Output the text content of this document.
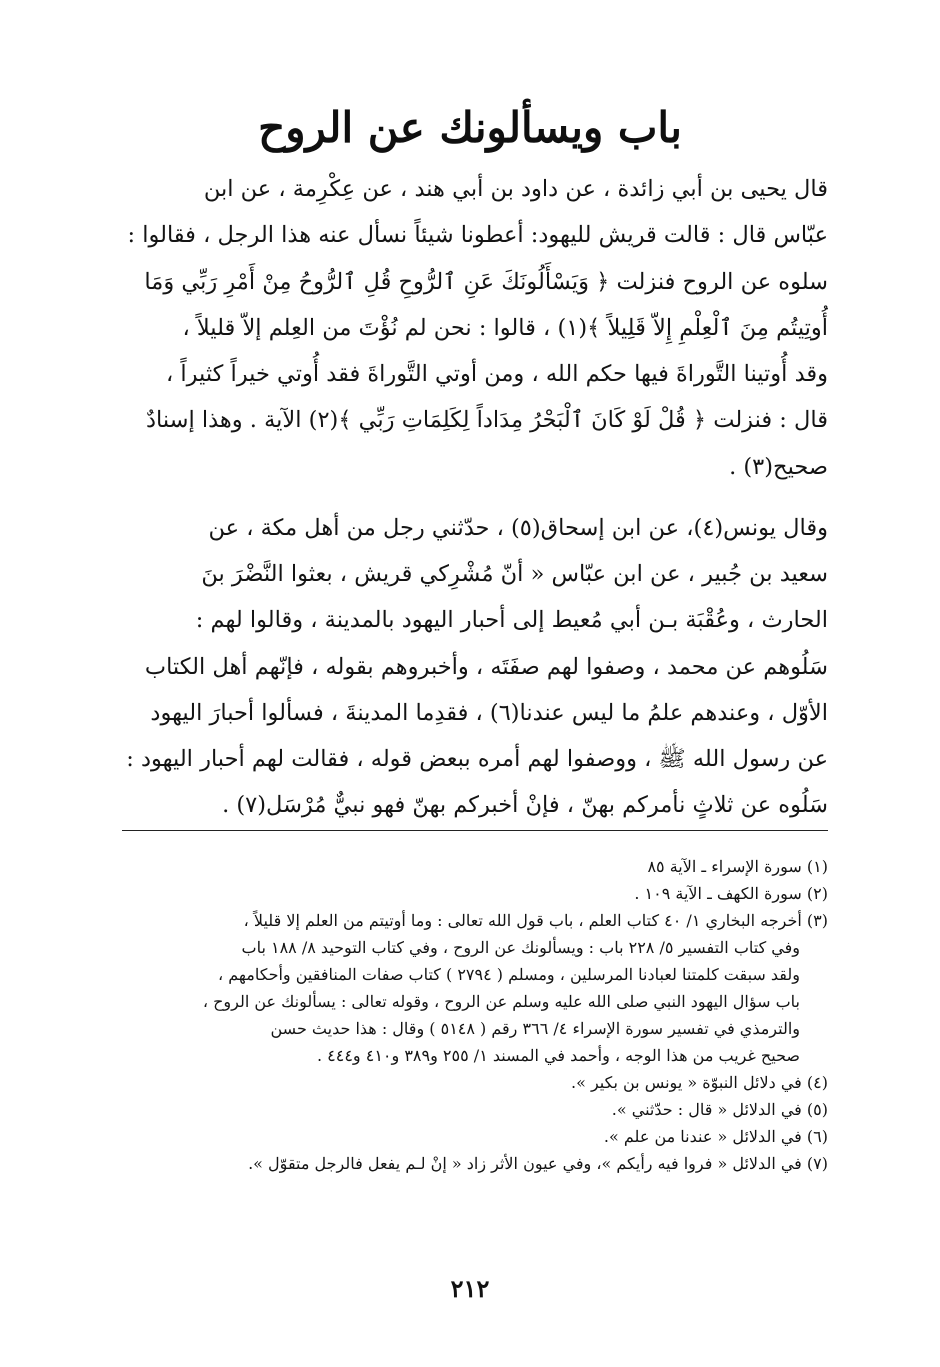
باب ويسألونك عن الروح

قال يحيى بن أبي زائدة ، عن داود بن أبي هند ، عن عِكْرِمة ، عن ابن
عبّاس قال : قالت قريش لليهود: أعطونا شيئاً نسأل عنه هذا الرجل ، فقالوا :
سلوه عن الروح فنزلت ﴿ وَيَسْأَلُونَكَ عَنِ ٱلرُّوحِ قُلِ ٱلرُّوحُ مِنْ أَمْرِ رَبِّي وَمَا
أُوتِيتُم مِنَ ٱلْعِلْمِ إِلاّ قَلِيلاً ﴾(١) ، قالوا : نحن لم نُؤْتَ من العِلم إلاّ قليلاً ،
وقد أُوتينا التَّوراةَ فيها حكم الله ، ومن أوتي التَّوراةَ فقد أُوتي خيراً كثيراً ،
قال : فنزلت ﴿ قُلْ لَوْ كَانَ ٱلْبَحْرُ مِدَاداً لِكَلِمَاتِ رَبِّي ﴾(٢) الآية . وهذا إسنادٌ
صحيح(٣) .

وقال يونس(٤)، عن ابن إسحاق(٥) ، حدّثني رجل من أهل مكة ، عن
سعيد بن جُبير ، عن ابن عبّاس « أنّ مُشْرِكي قريش ، بعثوا النَّضْرَ بنَ
الحارث ، وعُقْبَة بـن أبي مُعيط إلى أحبار اليهود بالمدينة ، وقالوا لهم :
سَلُوهم عن محمد ، وصفوا لهم صفَتَه ، وأخبروهم بقوله ، فإنّهم أهل الكتاب
الأوّل ، وعندهم علمُ ما ليس عندنا(٦) ، فقدِما المدينةَ ، فسألوا أحبارَ اليهود
عن رسول الله ﷺ ، ووصفوا لهم أمره ببعض قوله ، فقالت لهم أحبار اليهود :
سَلُوه عن ثلاثٍ نأمركم بهنّ ، فإنْ أخبركم بهنّ فهو نبيٌّ مُرْسَل(٧) .

(١) سورة الإسراء ـ الآية ٨٥
(٢) سورة الكهف ـ الآية ١٠٩ .
(٣) أخرجه البخاري ١/ ٤٠ كتاب العلم ، باب قول الله تعالى : وما أوتيتم من العلم إلا قليلاً ،
وفي كتاب التفسير ٥/ ٢٢٨ باب : ويسألونك عن الروح ، وفي كتاب التوحيد ٨/ ١٨٨ باب
ولقد سبقت كلمتنا لعبادنا المرسلين ، ومسلم ( ٢٧٩٤ ) كتاب صفات المنافقين وأحكامهم ،
باب سؤال اليهود النبي صلى الله عليه وسلم عن الروح ، وقوله تعالى : يسألونك عن الروح ،
والترمذي في تفسير سورة الإسراء ٤/ ٣٦٦ رقم ( ٥١٤٨ ) وقال : هذا حديث حسن
صحيح غريب من هذا الوجه ، وأحمد في المسند ١/ ٢٥٥ و٣٨٩ و٤١٠ و٤٤٤ .
(٤) في دلائل النبوّة « يونس بن بكير ».
(٥) في الدلائل « قال : حدّثني ».
(٦) في الدلائل « عندنا من علم ».
(٧) في الدلائل « فروا فيه رأيكم »، وفي عيون الأثر زاد « إنْ لـم يفعل فالرجل متقوّل ».
٢١٢
